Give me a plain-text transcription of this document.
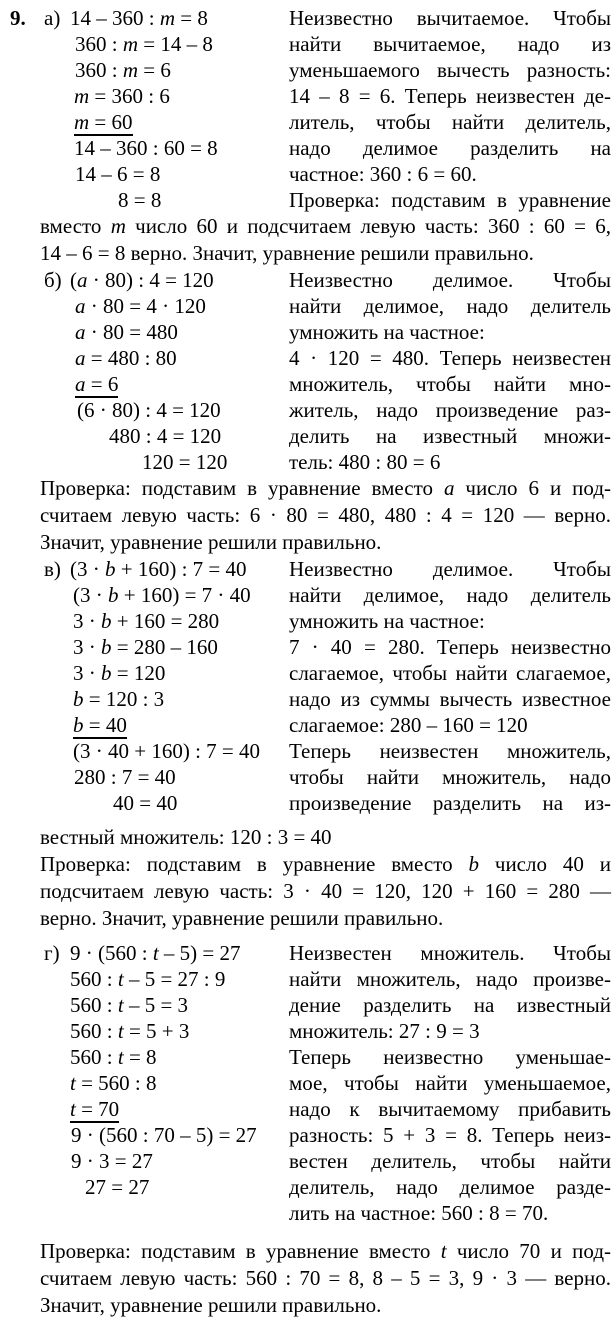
9. а) 14 – 360 : m = 8
360 : m = 14 – 8
360 : m = 6
m = 360 : 6
m = 60
14 – 360 : 60 = 8
14 – 6 = 8
8 = 8
Неизвестно вычитаемое. Чтобы
найти вычитаемое, надо из
уменьшаемого вычесть разность:
14 – 8 = 6. Теперь неизвестен де-
литель, чтобы найти делитель,
надо делимое разделить на
частное: 360 : 6 = 60.
Проверка: подставим в уравнение
вместо m число 60 и подсчитаем левую часть: 360 : 60 = 6,
14 – 6 = 8 верно. Значит, уравнение решили правильно.
б) (a · 80) : 4 = 120
a · 80 = 4 · 120
a · 80 = 480
a = 480 : 80
a = 6
(6 · 80) : 4 = 120
480 : 4 = 120
120 = 120
Неизвестно делимое. Чтобы
найти делимое, надо делитель
умножить на частное:
4 · 120 = 480. Теперь неизвестен
множитель, чтобы найти мно-
житель, надо произведение раз-
делить на известный множи-
тель: 480 : 80 = 6
Проверка: подставим в уравнение вместо a число 6 и под-
считаем левую часть: 6 · 80 = 480, 480 : 4 = 120 — верно.
Значит, уравнение решили правильно.
в) (3 · b + 160) : 7 = 40
(3 · b + 160) = 7 · 40
3 · b + 160 = 280
3 · b = 280 – 160
3 · b = 120
b = 120 : 3
b = 40
(3 · 40 + 160) : 7 = 40
280 : 7 = 40
40 = 40
Неизвестно делимое. Чтобы
найти делимое, надо делитель
умножить на частное:
7 · 40 = 280. Теперь неизвестно
слагаемое, чтобы найти слагаемое,
надо из суммы вычесть известное
слагаемое: 280 – 160 = 120
Теперь неизвестен множитель,
чтобы найти множитель, надо
произведение разделить на из-
вестный множитель: 120 : 3 = 40
Проверка: подставим в уравнение вместо b число 40 и
подсчитаем левую часть: 3 · 40 = 120, 120 + 160 = 280 —
верно. Значит, уравнение решили правильно.
г) 9 · (560 : t – 5) = 27
560 : t – 5 = 27 : 9
560 : t – 5 = 3
560 : t = 5 + 3
560 : t = 8
t = 560 : 8
t = 70
9 · (560 : 70 – 5) = 27
9 · 3 = 27
27 = 27
Неизвестен множитель. Чтобы
найти множитель, надо произве-
дение разделить на известный
множитель: 27 : 9 = 3
Теперь неизвестно уменьшае-
мое, чтобы найти уменьшаемое,
надо к вычитаемому прибавить
разность: 5 + 3 = 8. Теперь неиз-
вестен делитель, чтобы найти
делитель, надо делимое разде-
лить на частное: 560 : 8 = 70.
Проверка: подставим в уравнение вместо t число 70 и под-
считаем левую часть: 560 : 70 = 8, 8 – 5 = 3, 9 · 3 — верно.
Значит, уравнение решили правильно.
